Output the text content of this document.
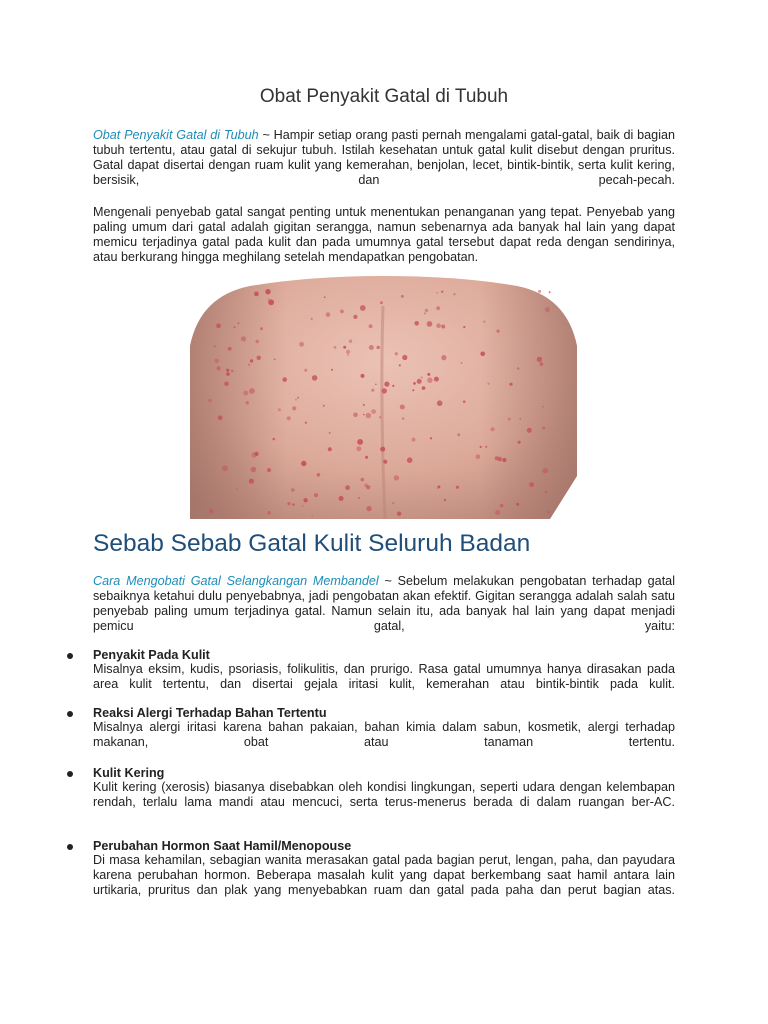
Obat Penyakit Gatal di Tubuh
Obat Penyakit Gatal di Tubuh ~ Hampir setiap orang pasti pernah mengalami gatal-gatal, baik di bagian tubuh tertentu, atau gatal di sekujur tubuh. Istilah kesehatan untuk gatal kulit disebut dengan pruritus. Gatal dapat disertai dengan ruam kulit yang kemerahan, benjolan, lecet, bintik-bintik, serta kulit kering, bersisik, dan pecah-pecah.
Mengenali penyebab gatal sangat penting untuk menentukan penanganan yang tepat. Penyebab yang paling umum dari gatal adalah gigitan serangga, namun sebenarnya ada banyak hal lain yang dapat memicu terjadinya gatal pada kulit dan pada umumnya gatal tersebut dapat reda dengan sendirinya, atau berkurang hingga meghilang setelah mendapatkan pengobatan.
Sebab Sebab Gatal Kulit Seluruh Badan
Cara Mengobati Gatal Selangkangan Membandel ~ Sebelum melakukan pengobatan terhadap gatal sebaiknya ketahui dulu penyebabnya, jadi pengobatan akan efektif. Gigitan serangga adalah salah satu penyebab paling umum terjadinya gatal. Namun selain itu, ada banyak hal lain yang dapat menjadi pemicu gatal, yaitu:
Penyakit Pada Kulit
Misalnya eksim, kudis, psoriasis, folikulitis, dan prurigo. Rasa gatal umumnya hanya dirasakan pada area kulit tertentu, dan disertai gejala iritasi kulit, kemerahan atau bintik-bintik pada kulit.
Reaksi Alergi Terhadap Bahan Tertentu
Misalnya alergi iritasi karena bahan pakaian, bahan kimia dalam sabun, kosmetik, alergi terhadap makanan, obat atau tanaman tertentu.
Kulit Kering
Kulit kering (xerosis) biasanya disebabkan oleh kondisi lingkungan, seperti udara dengan kelembapan rendah, terlalu lama mandi atau mencuci, serta terus-menerus berada di dalam ruangan ber-AC.
Perubahan Hormon Saat Hamil/Menopouse
Di masa kehamilan, sebagian wanita merasakan gatal pada bagian perut, lengan, paha, dan payudara karena perubahan hormon. Beberapa masalah kulit yang dapat berkembang saat hamil antara lain urtikaria, pruritus dan plak yang menyebabkan ruam dan gatal pada paha dan perut bagian atas.
